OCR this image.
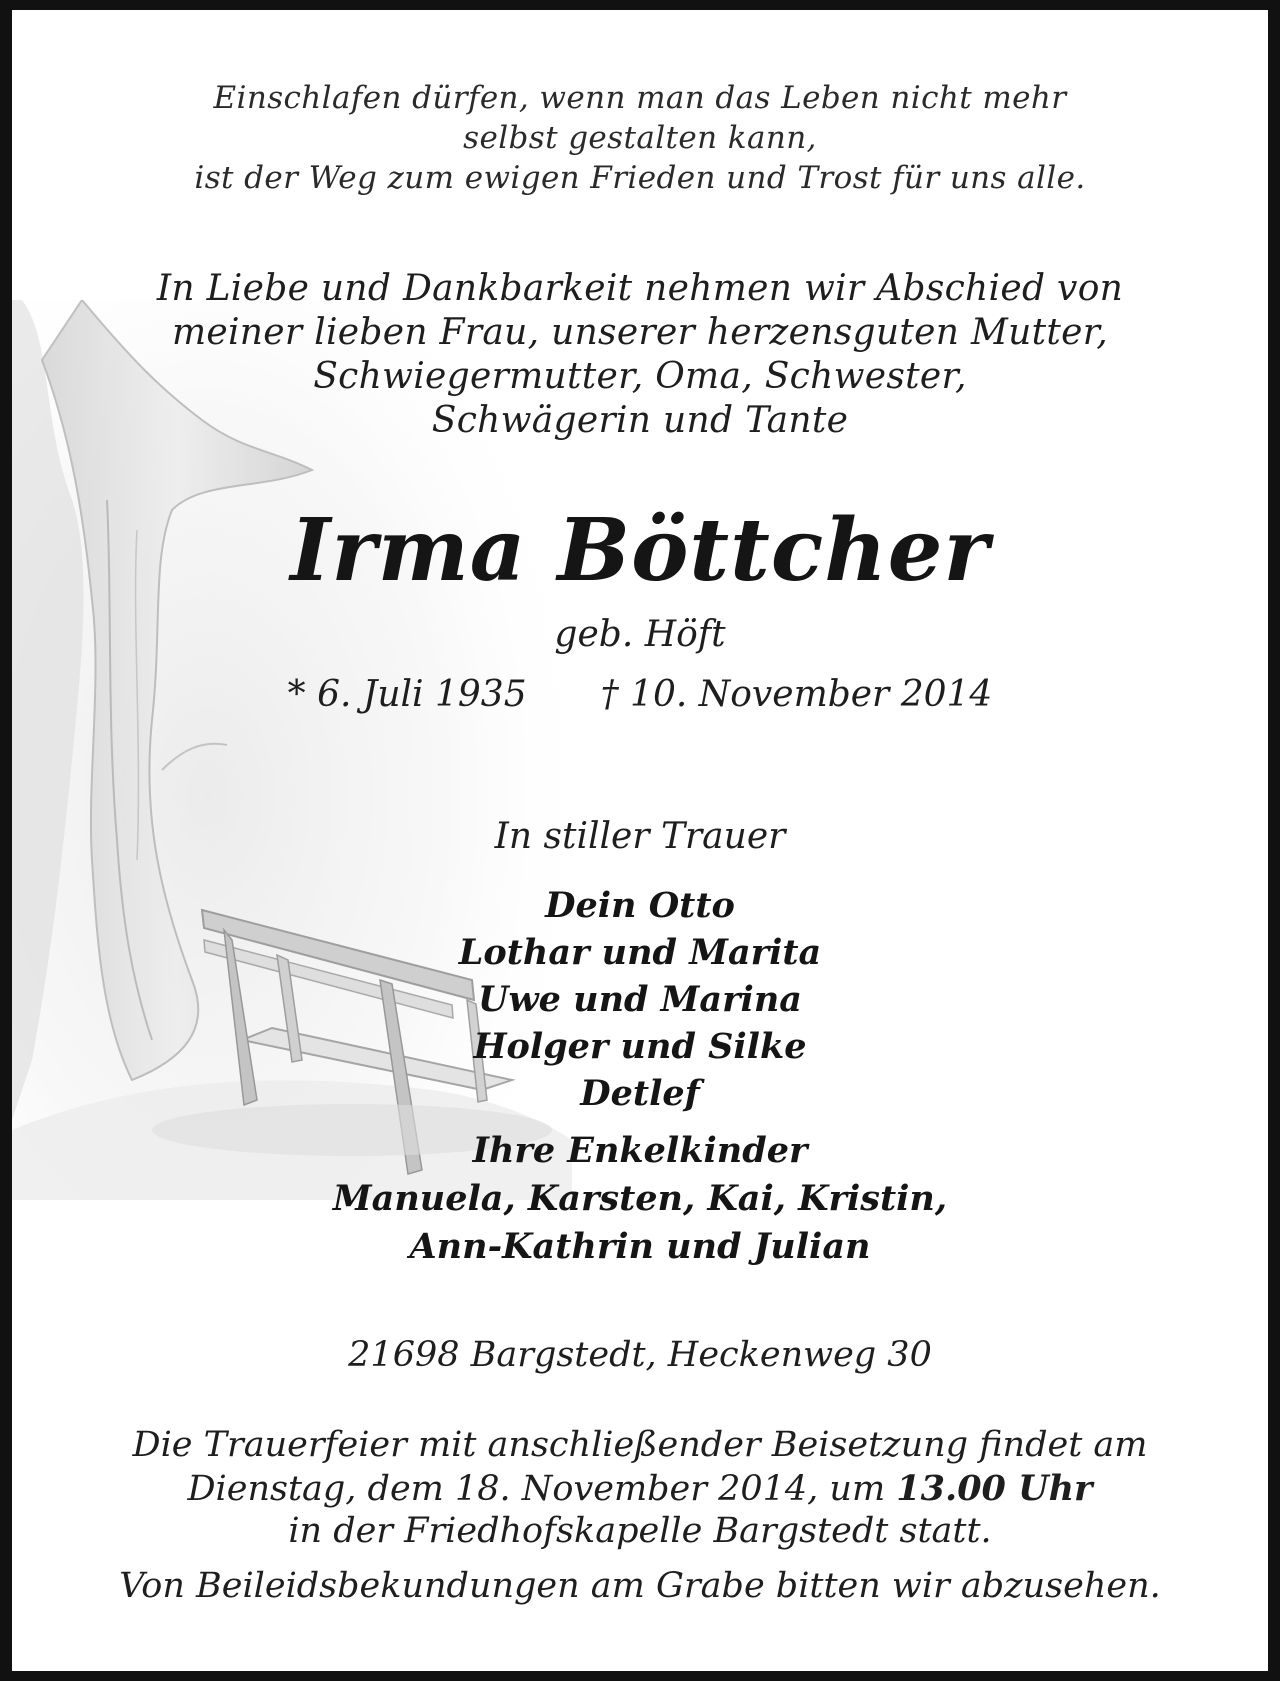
Einschlafen dürfen, wenn man das Leben nicht mehr
selbst gestalten kann,
ist der Weg zum ewigen Frieden und Trost für uns alle.
In Liebe und Dankbarkeit nehmen wir Abschied von
meiner lieben Frau, unserer herzensguten Mutter,
Schwiegermutter, Oma, Schwester,
Schwägerin und Tante
Irma Böttcher
geb. Höft
* 6. Juli 1935 † 10. November 2014
In stiller Trauer
Dein Otto
Lothar und Marita
Uwe und Marina
Holger und Silke
Detlef
Ihre Enkelkinder
Manuela, Karsten, Kai, Kristin,
Ann-Kathrin und Julian
21698 Bargstedt, Heckenweg 30
Die Trauerfeier mit anschließender Beisetzung findet am
Dienstag, dem 18. November 2014, um 13.00 Uhr
in der Friedhofskapelle Bargstedt statt.
Von Beileidsbekundungen am Grabe bitten wir abzusehen.
